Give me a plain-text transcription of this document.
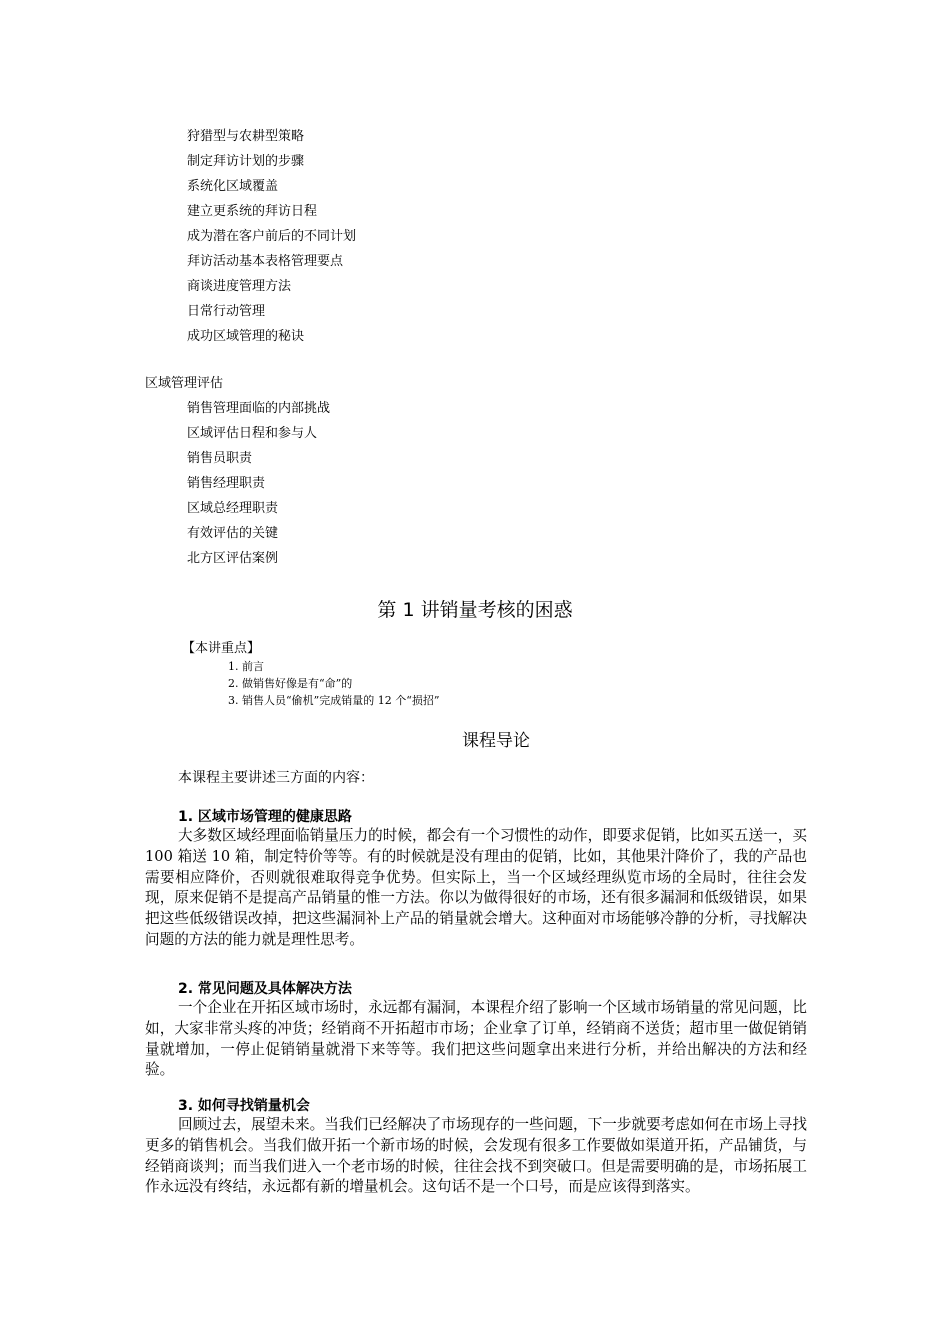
狩猎型与农耕型策略
制定拜访计划的步骤
系统化区域覆盖
建立更系统的拜访日程
成为潜在客户前后的不同计划
拜访活动基本表格管理要点
商谈进度管理方法
日常行动管理
成功区域管理的秘诀
区域管理评估
销售管理面临的内部挑战
区域评估日程和参与人
销售员职责
销售经理职责
区域总经理职责
有效评估的关键
北方区评估案例
第 1 讲销量考核的困惑
【本讲重点】
1. 前言
2. 做销售好像是有“命”的
3. 销售人员“偷机”完成销量的 12 个“损招”
课程导论
本课程主要讲述三方面的内容：
1. 区域市场管理的健康思路

大多数区域经理面临销量压力的时候，都会有一个习惯性的动作，即要求促销，比如买五送一，买 100 箱送 10 箱，制定特价等等。有的时候就是没有理由的促销，比如，其他果汁降价了，我的产品也需要相应降价，否则就很难取得竞争优势。但实际上，当一个区域经理纵览市场的全局时，往往会发现，原来促销不是提高产品销量的惟一方法。你以为做得很好的市场，还有很多漏洞和低级错误，如果把这些低级错误改掉，把这些漏洞补上产品的销量就会增大。这种面对市场能够冷静的分析，寻找解决问题的方法的能力就是理性思考。

2. 常见问题及具体解决方法

一个企业在开拓区域市场时，永远都有漏洞，本课程介绍了影响一个区域市场销量的常见问题，比如，大家非常头疼的冲货；经销商不开拓超市市场；企业拿了订单，经销商不送货；超市里一做促销销量就增加，一停止促销销量就滑下来等等。我们把这些问题拿出来进行分析，并给出解决的方法和经验。

3. 如何寻找销量机会

回顾过去，展望未来。当我们已经解决了市场现存的一些问题，下一步就要考虑如何在市场上寻找更多的销售机会。当我们做开拓一个新市场的时候，会发现有很多工作要做如渠道开拓，产品铺货，与经销商谈判；而当我们进入一个老市场的时候，往往会找不到突破口。但是需要明确的是，市场拓展工作永远没有终结，永远都有新的增量机会。这句话不是一个口号，而是应该得到落实。
